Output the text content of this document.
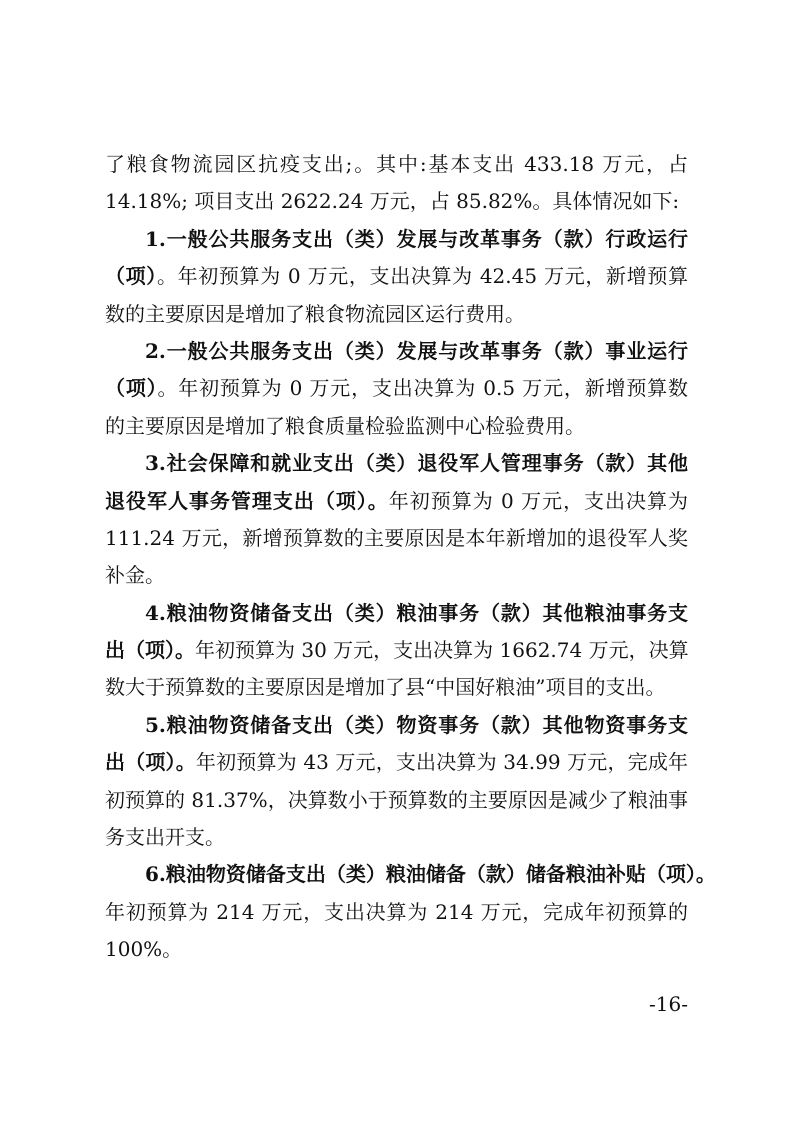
了粮食物流园区抗疫支出;。其中:基本支出 433.18 万元，占
14.18%; 项目支出 2622.24 万元，占 85.82%。具体情况如下:
1.一般公共服务支出（类）发展与改革事务（款）行政运行
（项）。年初预算为 0 万元，支出决算为 42.45 万元，新增预算
数的主要原因是增加了粮食物流园区运行费用。
2.一般公共服务支出（类）发展与改革事务（款）事业运行
（项）。年初预算为 0 万元，支出决算为 0.5 万元，新增预算数
的主要原因是增加了粮食质量检验监测中心检验费用。
3.社会保障和就业支出（类）退役军人管理事务（款）其他
退役军人事务管理支出（项）。年初预算为 0 万元，支出决算为
111.24 万元，新增预算数的主要原因是本年新增加的退役军人奖
补金。
4.粮油物资储备支出（类）粮油事务（款）其他粮油事务支
出（项）。年初预算为 30 万元，支出决算为 1662.74 万元，决算
数大于预算数的主要原因是增加了县“中国好粮油”项目的支出。
5.粮油物资储备支出（类）物资事务（款）其他物资事务支
出（项）。年初预算为 43 万元，支出决算为 34.99 万元，完成年
初预算的 81.37%，决算数小于预算数的主要原因是减少了粮油事
务支出开支。
6.粮油物资储备支出（类）粮油储备（款）储备粮油补贴（项）。
年初预算为 214 万元，支出决算为 214 万元，完成年初预算的
100%。
-16-
